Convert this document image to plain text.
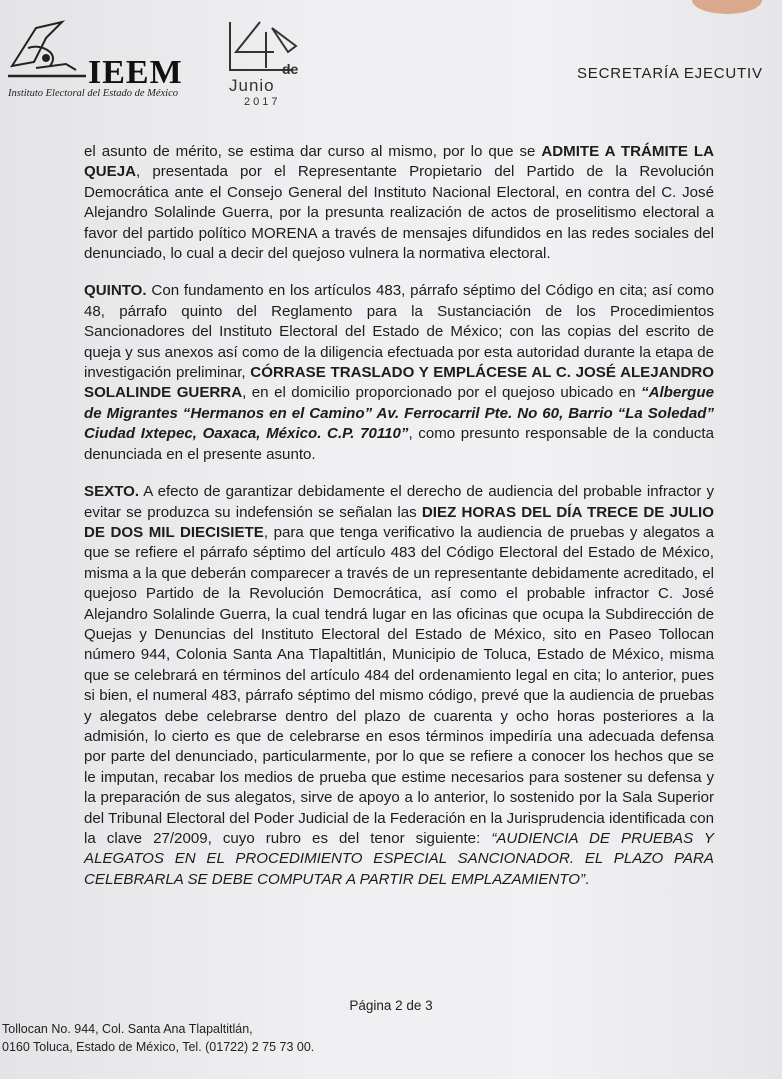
IEEM
Instituto Electoral del Estado de México
de
Junio
2017
SECRETARÍA EJECUTIV

el asunto de mérito, se estima dar curso al mismo, por lo que se ADMITE A TRÁMITE LA QUEJA, presentada por el Representante Propietario del Partido de la Revolución Democrática ante el Consejo General del Instituto Nacional Electoral, en contra del C. José Alejandro Solalinde Guerra, por la presunta realización de actos de proselitismo electoral a favor del partido político MORENA a través de mensajes difundidos en las redes sociales del denunciado, lo cual a decir del quejoso vulnera la normativa electoral.

QUINTO. Con fundamento en los artículos 483, párrafo séptimo del Código en cita; así como 48, párrafo quinto del Reglamento para la Sustanciación de los Procedimientos Sancionadores del Instituto Electoral del Estado de México; con las copias del escrito de queja y sus anexos así como de la diligencia efectuada por esta autoridad durante la etapa de investigación preliminar, CÓRRASE TRASLADO Y EMPLÁCESE AL C. JOSÉ ALEJANDRO SOLALINDE GUERRA, en el domicilio proporcionado por el quejoso ubicado en “Albergue de Migrantes “Hermanos en el Camino” Av. Ferrocarril Pte. No 60, Barrio “La Soledad” Ciudad Ixtepec, Oaxaca, México. C.P. 70110”, como presunto responsable de la conducta denunciada en el presente asunto.

SEXTO. A efecto de garantizar debidamente el derecho de audiencia del probable infractor y evitar se produzca su indefensión se señalan las DIEZ HORAS DEL DÍA TRECE DE JULIO DE DOS MIL DIECISIETE, para que tenga verificativo la audiencia de pruebas y alegatos a que se refiere el párrafo séptimo del artículo 483 del Código Electoral del Estado de México, misma a la que deberán comparecer a través de un representante debidamente acreditado, el quejoso Partido de la Revolución Democrática, así como el probable infractor C. José Alejandro Solalinde Guerra, la cual tendrá lugar en las oficinas que ocupa la Subdirección de Quejas y Denuncias del Instituto Electoral del Estado de México, sito en Paseo Tollocan número 944, Colonia Santa Ana Tlapaltitlán, Municipio de Toluca, Estado de México, misma que se celebrará en términos del artículo 484 del ordenamiento legal en cita; lo anterior, pues si bien, el numeral 483, párrafo séptimo del mismo código, prevé que la audiencia de pruebas y alegatos debe celebrarse dentro del plazo de cuarenta y ocho horas posteriores a la admisión, lo cierto es que de celebrarse en esos términos impediría una adecuada defensa por parte del denunciado, particularmente, por lo que se refiere a conocer los hechos que se le imputan, recabar los medios de prueba que estime necesarios para sostener su defensa y la preparación de sus alegatos, sirve de apoyo a lo anterior, lo sostenido por la Sala Superior del Tribunal Electoral del Poder Judicial de la Federación en la Jurisprudencia identificada con la clave 27/2009, cuyo rubro es del tenor siguiente: “AUDIENCIA DE PRUEBAS Y ALEGATOS EN EL PROCEDIMIENTO ESPECIAL SANCIONADOR. EL PLAZO PARA CELEBRARLA SE DEBE COMPUTAR A PARTIR DEL EMPLAZAMIENTO”.

Página 2 de 3
Tollocan No. 944, Col. Santa Ana Tlapaltitlán,
0160 Toluca, Estado de México, Tel. (01722) 2 75 73 00.
